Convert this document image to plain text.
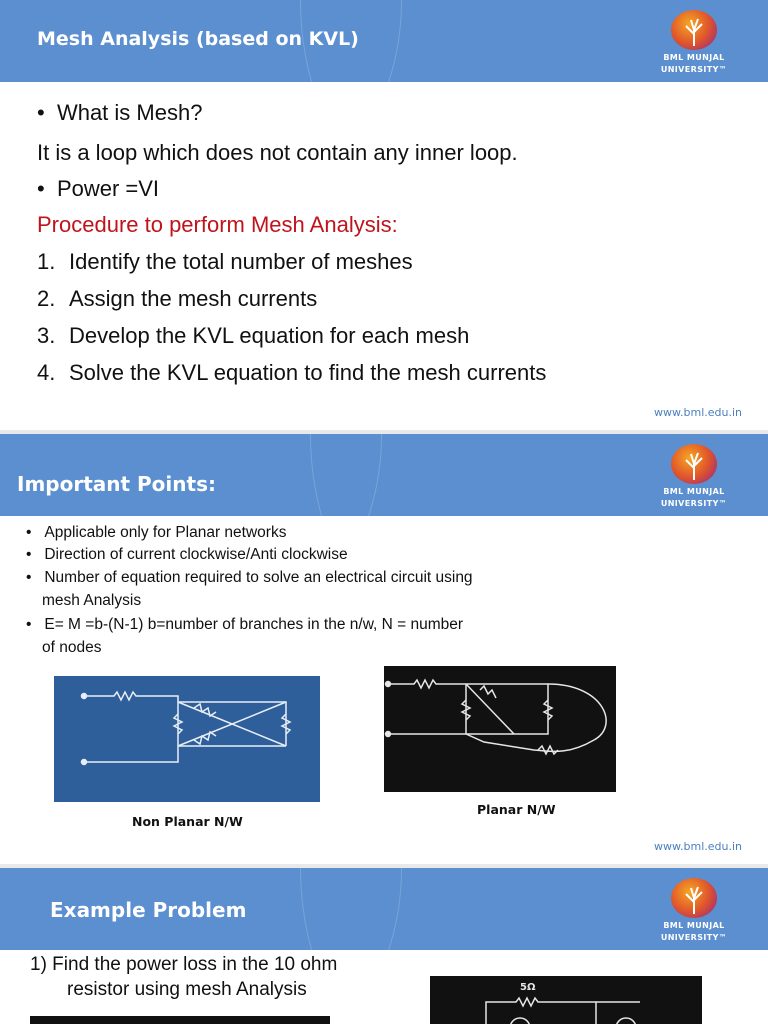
Mesh Analysis (based on KVL)
BML MUNJAL
UNIVERSITY™
•  What is Mesh?
It is a loop which does not contain any inner loop.
•  Power =VI
Procedure to perform Mesh Analysis:
1. Identify the total number of meshes
2. Assign the mesh currents
3. Develop the KVL equation for each mesh
4. Solve the KVL equation to find the mesh currents
www.bml.edu.in
Important Points:	BML MUNJAL
UNIVERSITY™
•   Applicable only for Planar networks
•   Direction of current clockwise/Anti clockwise
•   Number of equation required to solve an electrical circuit using
mesh Analysis
•   E= M =b-(N-1) b=number of branches in the n/w, N = number
of nodes
Non Planar N/W
Planar N/W
www.bml.edu.in
Example Problem
BML MUNJAL
UNIVERSITY™
1) Find the power loss in the 10 ohm
resistor using mesh Analysis	5Ω
